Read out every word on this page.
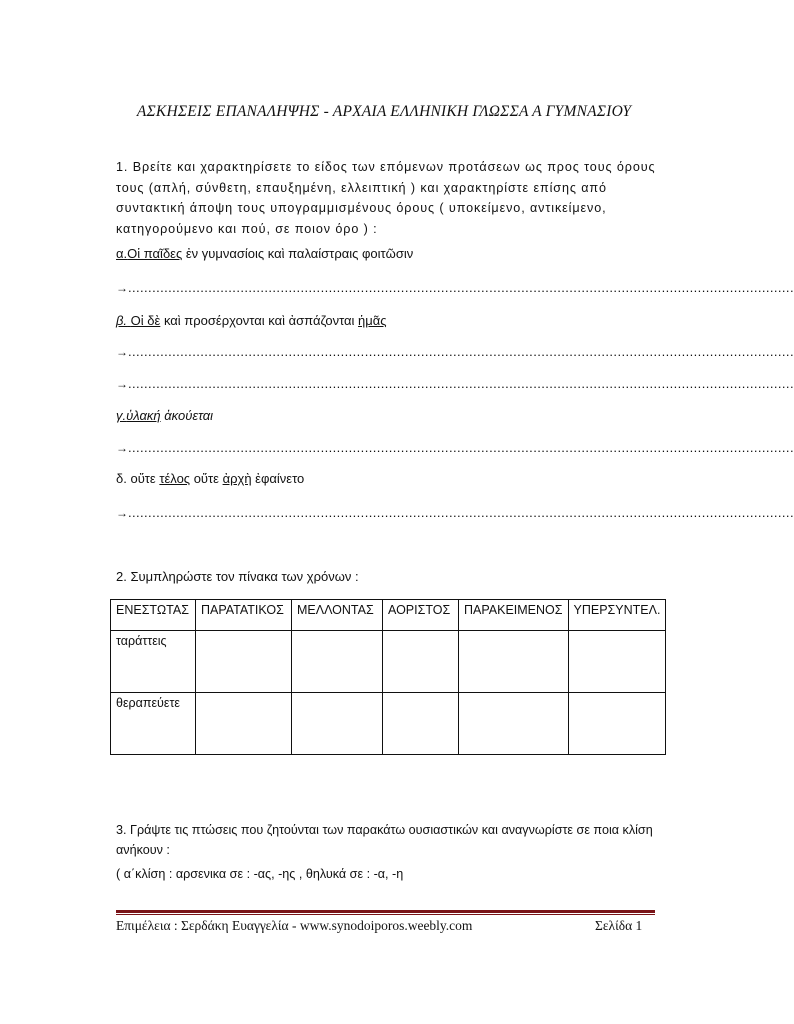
ΑΣΚΗΣΕΙΣ ΕΠΑΝΑΛΗΨΗΣ - ΑΡΧΑΙΑ ΕΛΛΗΝΙΚΗ ΓΛΩΣΣΑ Α ΓΥΜΝΑΣΙΟΥ
1. Βρείτε και χαρακτηρίσετε το είδος των επόμενων προτάσεων ως προς τους όρους τους (απλή, σύνθετη, επαυξημένη, ελλειπτική ) και χαρακτηρίστε επίσης από συντακτική άποψη τους υπογραμμισμένους όρους ( υποκείμενο, αντικείμενο, κατηγορούμενο και πού, σε ποιον όρο ) :
α.Οἱ παῖδες ἐν γυμνασίοις καὶ παλαίστραις φοιτῶσιν
→......................................................................................................................................................................
β. Οἱ δὲ καὶ προσέρχονται καὶ ἀσπάζονται ἡμᾶς
→......................................................................................................................................................................
→......................................................................................................................................................................
γ.ὐλακή ἀκούεται
→......................................................................................................................................................................
δ. οὔτε τέλος οὔτε ἀρχὴ ἐφαίνετο
→......................................................................................................................................................................
2. Συμπληρώστε τον πίνακα των χρόνων :
ΕΝΕΣΤΩΤΑΣ	ΠΑΡΑΤΑΤΙΚΟΣ	ΜΕΛΛΟΝΤΑΣ	ΑΟΡΙΣΤΟΣ	ΠΑΡΑΚΕΙΜΕΝΟΣ	ΥΠΕΡΣΥΝΤΕΛ.
ταράττεις					
θεραπεύετε					
3. Γράψτε τις πτώσεις που ζητούνται των παρακάτω ουσιαστικών και αναγνωρίστε σε ποια κλίση ανήκουν :
( α΄κλίση : αρσενικα σε : -ας, -ης , θηλυκά σε : -α, -η
Επιμέλεια : Σερδάκη Ευαγγελία - www.synodoiporos.weebly.com	Σελίδα 1
